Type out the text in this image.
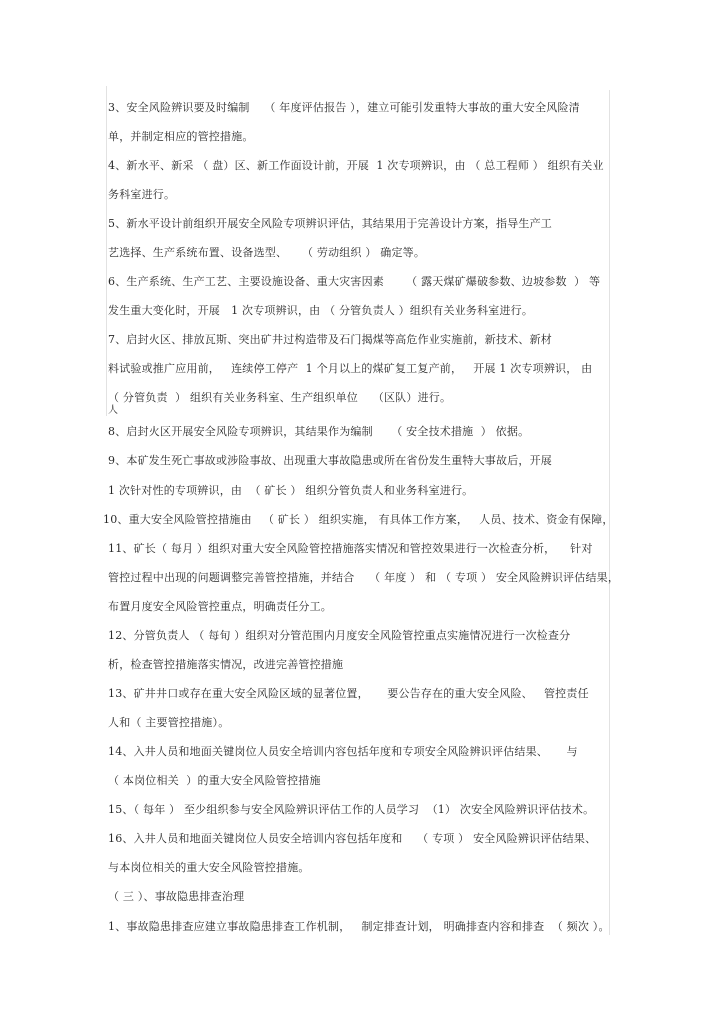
3、安全风险辨识要及时编制    （ 年度评估报告 ），建立可能引发重特大事故的重大安全风险清
单，并制定相应的管控措施。
4、新水平、新采 （ 盘）区、新工作面设计前，开展  1 次专项辨识，由 （ 总工程师 ） 组织有关业
务科室进行。
5、新水平设计前组织开展安全风险专项辨识评估，其结果用于完善设计方案，指导生产工
艺选择、生产系统布置、设备选型、    （ 劳动组织 ） 确定等。
6、生产系统、生产工艺、主要设施设备、重大灾害因素      （ 露天煤矿爆破参数、边坡参数  ） 等
发生重大变化时，开展   1 次专项辨识，由 （ 分管负责人 ）组织有关业务科室进行。
7、启封火区、排放瓦斯、突出矿井过构造带及石门揭煤等高危作业实施前，新技术、新材
料试验或推广应用前，   连续停工停产  1 个月以上的煤矿复工复产前，   开展 1 次专项辨识， 由
（ 分管负责  ） 组织有关业务科室、生产组织单位    （区队）进行。
人
8、启封火区开展安全风险专项辨识，其结果作为编制     （ 安全技术措施  ） 依据。
9、本矿发生死亡事故或涉险事故、出现重大事故隐患或所在省份发生重特大事故后，开展
1 次针对性的专项辨识，由  （ 矿长 ） 组织分管负责人和业务科室进行。
10、重大安全风险管控措施由   （ 矿长 ） 组织实施， 有具体工作方案，   人员、技术、资金有保障，
11、矿长（ 每月 ）组织对重大安全风险管控措施落实情况和管控效果进行一次检查分析，    针对
管控过程中出现的问题调整完善管控措施，并结合    （ 年度 ） 和 （ 专项 ） 安全风险辨识评估结果，
布置月度安全风险管控重点，明确责任分工。
12、分管负责人 （ 每旬 ）组织对分管范围内月度安全风险管控重点实施情况进行一次检查分
析，检查管控措施落实情况，改进完善管控措施
13、矿井井口或存在重大安全风险区域的显著位置，     要公告存在的重大安全风险、   管控责任
人和（ 主要管控措施）。
14、入井人员和地面关键岗位人员安全培训内容包括年度和专项安全风险辨识评估结果、     与
（ 本岗位相关  ）的重大安全风险管控措施
15、（ 每年 ） 至少组织参与安全风险辨识评估工作的人员学习  （1） 次安全风险辨识评估技术。
16、入井人员和地面关键岗位人员安全培训内容包括年度和    （ 专项 ） 安全风险辨识评估结果、
与本岗位相关的重大安全风险管控措施。
（ 三 ）、事故隐患排查治理
1、事故隐患排查应建立事故隐患排查工作机制，   制定排查计划， 明确排查内容和排查  （ 频次 ）。
